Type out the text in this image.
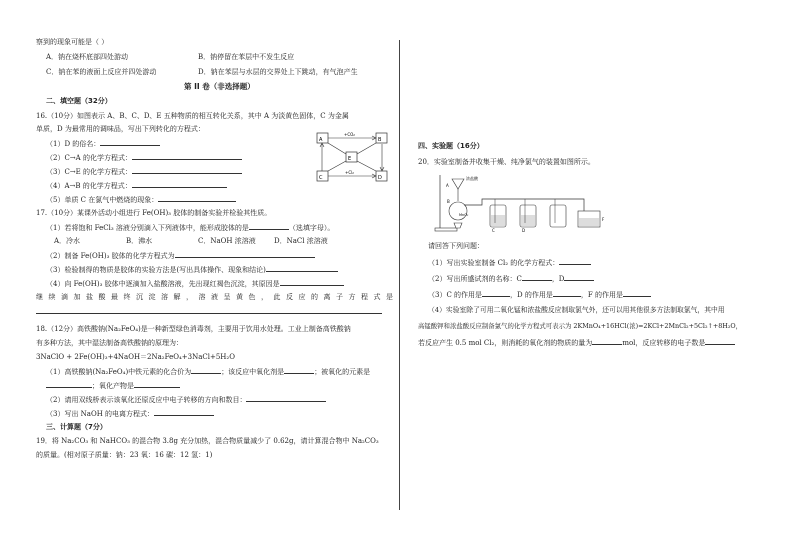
察到的现象可能是（ ）
A．钠在烧杯底部四处游动	B．钠停留在苯层中不发生反应
C．钠在苯的液面上反应并四处游动	D．钠在苯层与水层的交界处上下跳动，有气泡产生
第 II 卷（非选择题）
二、填空题（32分）
16.（10分）如图表示 A、B、C、D、E 五种物质的相互转化关系，其中 A 为淡黄色固体，C 为金属
单质，D 为最常用的调味品，写出下列转化的方程式：
（1）D 的俗名：
（2）C→A 的化学方程式：
（3）C→E 的化学方程式：
（4）A→B 的化学方程式：
（5）单质 C 在氯气中燃烧的现象：
A	B
E
C	D
+CO₂
+Cl₂
17.（10分）某课外活动小组进行 Fe(OH)₃ 胶体的制备实验并检验其性质。
（1）若将饱和 FeCl₃ 溶液分别滴入下列液体中，能形成胶体的是	（选填字母）。
A．冷水	B．沸水	C．NaOH 浓溶液	D．NaCl 浓溶液
（2）制备 Fe(OH)₃ 胶体的化学方程式为
（3）检验制得的物质是胶体的实验方法是(写出具体操作、现象和结论)
（4）向 Fe(OH)₃ 胶体中逐滴加入盐酸溶液，先出现红褐色沉淀，其原因是
继 续 滴 加 盐 酸 最 终 沉 淀 溶 解 ， 溶 液 呈 黄 色 ， 此 反 应 的 离 子 方 程 式 是
18.（12分）高铁酸钠(Na₂FeO₄)是一种新型绿色消毒剂，主要用于饮用水处理。工业上制备高铁酸钠
有多种方法，其中湿法制备高铁酸钠的原理为：
3NaClO + 2Fe(OH)₃+4NaOH＝2Na₂FeO₄+3NaCl+5H₂O
（1）高铁酸钠(Na₂FeO₄)中铁元素的化合价为	；该反应中氧化剂是	；被氧化的元素是
；氧化产物是
（2）请用双线桥表示该氧化还原反应中电子转移的方向和数目：
（3）写出 NaOH 的电离方程式：
三、计算题（7分）
19．将 Na₂CO₃ 和 NaHCO₃ 的混合物 3.8g 充分加热，混合物质量减少了 0.62g，请计算混合物中 Na₂CO₃
的质量。(相对原子质量：钠：23 氧：16 碳：12 氢：1)
四、实验题（16分）
20．实验室制备并收集干燥、纯净氯气的装置如图所示。
浓盐酸
A
MnO₂
B
C	D
F
请回答下列问题：
（1）写出实验室制备 Cl₂ 的化学方程式：
（2）写出所盛试剂的名称：C	，D
（3）C 的作用是	，D 的作用是	，F 的作用是
（4）实验室除了可用二氧化锰和浓盐酸反应制取氯气外，还可以用其他很多方法制取氯气，其中用
高锰酸钾和浓盐酸反应制备氯气的化学方程式可表示为 2KMnO₄+16HCl(浓)=2KCl+2MnCl₂+5Cl₂↑+8H₂O，
若反应产生 0.5 mol Cl₂，则消耗的氧化剂的物质的量为	mol，反应转移的电子数是
